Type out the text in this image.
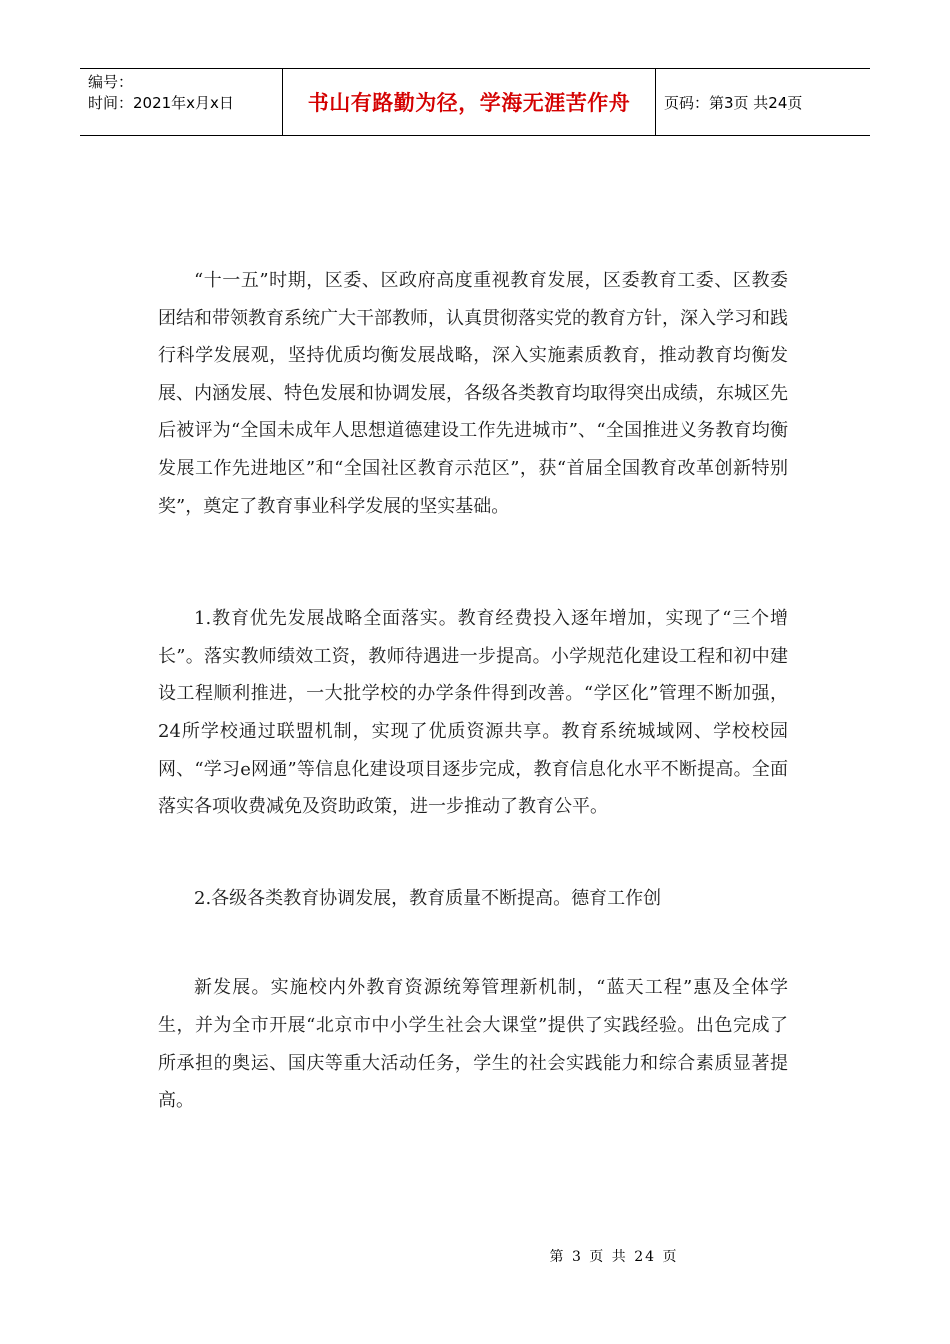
编号：
时间：2021年x月x日	书山有路勤为径，学海无涯苦作舟 页码：第3页 共24页

“十一五”时期，区委、区政府高度重视教育发展，区委教育工委、区教委团结和带领教育系统广大干部教师，认真贯彻落实党的教育方针，深入学习和践行科学发展观，坚持优质均衡发展战略，深入实施素质教育，推动教育均衡发展、内涵发展、特色发展和协调发展，各级各类教育均取得突出成绩，东城区先后被评为“全国未成年人思想道德建设工作先进城市”、“全国推进义务教育均衡发展工作先进地区”和“全国社区教育示范区”，获“首届全国教育改革创新特别奖”，奠定了教育事业科学发展的坚实基础。

1.教育优先发展战略全面落实。教育经费投入逐年增加，实现了“三个增长”。落实教师绩效工资，教师待遇进一步提高。小学规范化建设工程和初中建设工程顺利推进，一大批学校的办学条件得到改善。“学区化”管理不断加强，24所学校通过联盟机制，实现了优质资源共享。教育系统城域网、学校校园网、“学习e网通”等信息化建设项目逐步完成，教育信息化水平不断提高。全面落实各项收费减免及资助政策，进一步推动了教育公平。

2.各级各类教育协调发展，教育质量不断提高。德育工作创

新发展。实施校内外教育资源统筹管理新机制，“蓝天工程”惠及全体学生，并为全市开展“北京市中小学生社会大课堂”提供了实践经验。出色完成了所承担的奥运、国庆等重大活动任务，学生的社会实践能力和综合素质显著提高。

第 3 页 共 24 页
